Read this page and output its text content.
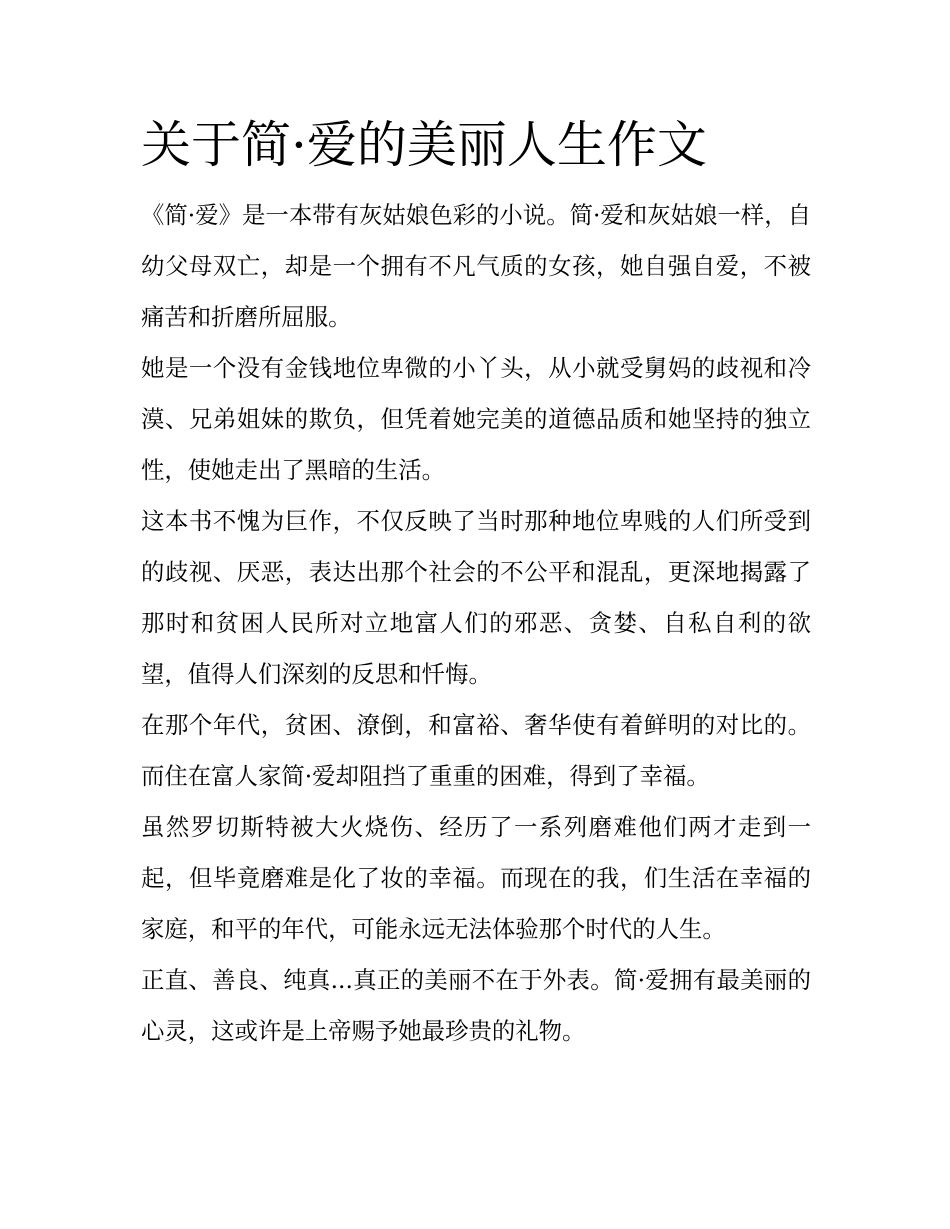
关于简·爱的美丽人生作文

《简·爱》是一本带有灰姑娘色彩的小说。简·爱和灰姑娘一样，自幼父母双亡，却是一个拥有不凡气质的女孩，她自强自爱，不被痛苦和折磨所屈服。

她是一个没有金钱地位卑微的小丫头，从小就受舅妈的歧视和冷漠、兄弟姐妹的欺负，但凭着她完美的道德品质和她坚持的独立性，使她走出了黑暗的生活。

这本书不愧为巨作，不仅反映了当时那种地位卑贱的人们所受到的歧视、厌恶，表达出那个社会的不公平和混乱，更深地揭露了那时和贫困人民所对立地富人们的邪恶、贪婪、自私自利的欲望，值得人们深刻的反思和忏悔。

在那个年代，贫困、潦倒，和富裕、奢华使有着鲜明的对比的。而住在富人家简·爱却阻挡了重重的困难，得到了幸福。

虽然罗切斯特被大火烧伤、经历了一系列磨难他们两才走到一起，但毕竟磨难是化了妆的幸福。而现在的我，们生活在幸福的家庭，和平的年代，可能永远无法体验那个时代的人生。

正直、善良、纯真...真正的美丽不在于外表。简·爱拥有最美丽的心灵，这或许是上帝赐予她最珍贵的礼物。
